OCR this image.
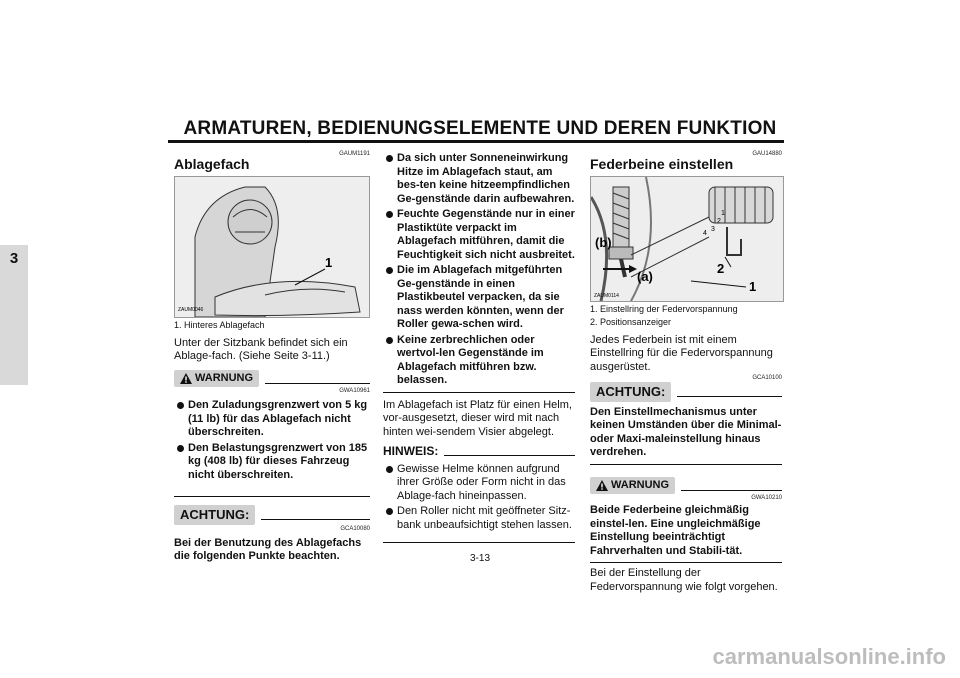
ARMATUREN, BEDIENUNGSELEMENTE UND DEREN FUNKTION
3
GAUM1191
Ablagefach
1
ZAUM0046
1. Hinteres Ablagefach

Unter der Sitzbank befindet sich ein Ablage-fach. (Siehe Seite 3-11.)

WARNUNG
GWA10961
Den Zuladungsgrenzwert von 5 kg (11 lb) für das Ablagefach nicht überschreiten.
Den Belastungsgrenzwert von 185 kg (408 lb) für dieses Fahrzeug nicht überschreiten.
ACHTUNG:
GCA10080

Bei der Benutzung des Ablagefachs die folgenden Punkte beachten.

Da sich unter Sonneneinwirkung Hitze im Ablagefach staut, am bes-ten keine hitzeempfindlichen Ge-genstände darin aufbewahren.
Feuchte Gegenstände nur in einer Plastiktüte verpackt im Ablagefach mitführen, damit die Feuchtigkeit sich nicht ausbreitet.
Die im Ablagefach mitgeführten Ge-genstände in einen Plastikbeutel verpacken, da sie nass werden könnten, wenn der Roller gewa-schen wird.
Keine zerbrechlichen oder wertvol-len Gegenstände im Ablagefach mitführen bzw. belassen.

Im Ablagefach ist Platz für einen Helm, vor-ausgesetzt, dieser wird mit nach hinten wei-sendem Visier abgelegt.

HINWEIS:
Gewisse Helme können aufgrund ihrer Größe oder Form nicht in das Ablage-fach hineinpassen.
Den Roller nicht mit geöffneter Sitz-bank unbeaufsichtigt stehen lassen.
GAU14880
Federbeine einstellen
(b)
(a)
2
1
1
2
3
4
ZAUM0114
1. Einstellring der Federvorspannung
2. Positionsanzeiger

Jedes Federbein ist mit einem Einstellring für die Federvorspannung ausgerüstet.

GCA10100
ACHTUNG:

Den Einstellmechanismus unter keinen Umständen über die Minimal- oder Maxi-maleinstellung hinaus verdrehen.

WARNUNG
GWA10210

Beide Federbeine gleichmäßig einstel-len. Eine ungleichmäßige Einstellung beeinträchtigt Fahrverhalten und Stabili-tät.

Bei der Einstellung der Federvorspannung wie folgt vorgehen.

3-13
carmanualsonline.info
